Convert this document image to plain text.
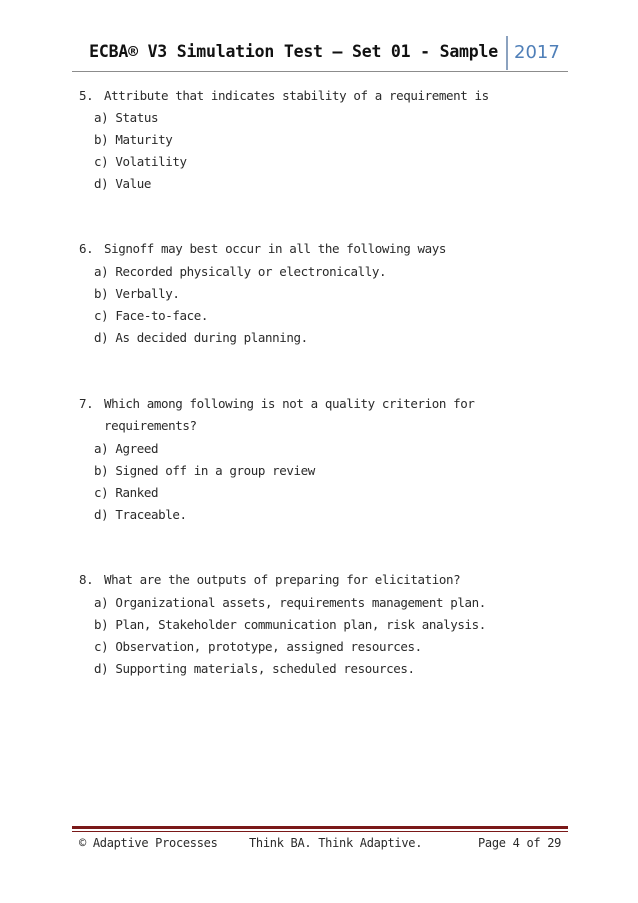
ECBA® V3 Simulation Test – Set 01 - Sample 2017
5. Attribute that indicates stability of a requirement is
a) Status
b) Maturity
c) Volatility
d) Value
6. Signoff may best occur in all the following ways
a) Recorded physically or electronically.
b) Verbally.
c) Face-to-face.
d) As decided during planning.
7. Which among following is not a quality criterion for
requirements?
a) Agreed
b) Signed off in a group review
c) Ranked
d) Traceable.
8. What are the outputs of preparing for elicitation?
a) Organizational assets, requirements management plan.
b) Plan, Stakeholder communication plan, risk analysis.
c) Observation, prototype, assigned resources.
d) Supporting materials, scheduled resources.
© Adaptive Processes	Think BA. Think Adaptive.	Page 4 of 29
